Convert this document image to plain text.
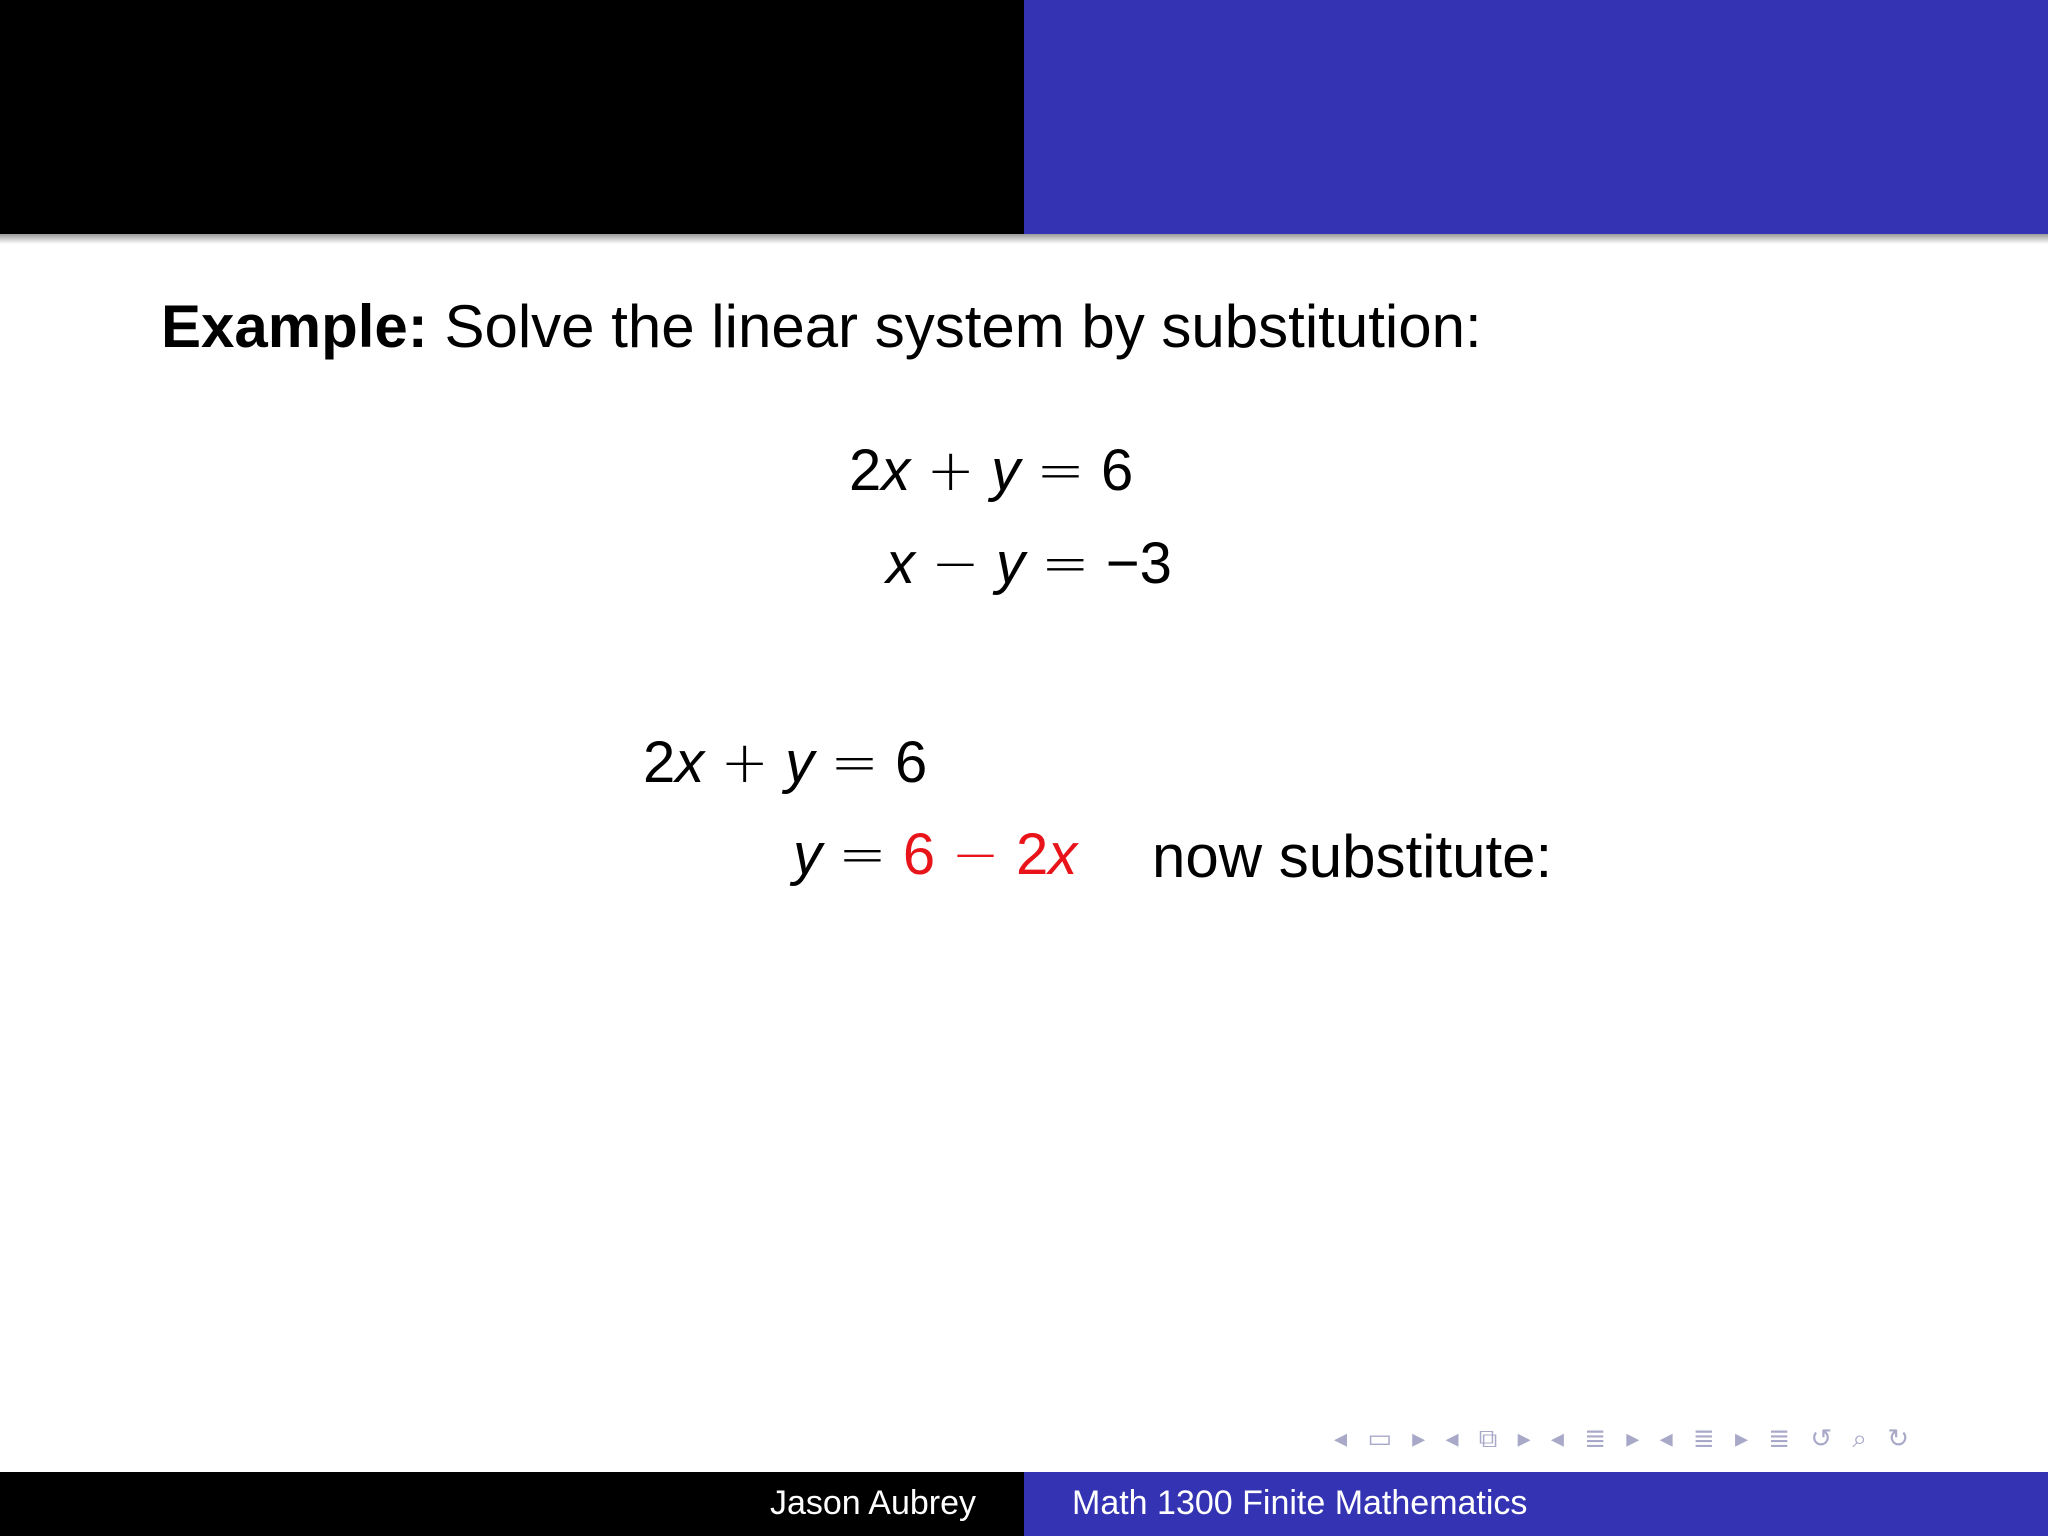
Example: Solve the linear system by substitution:
2x + y = 6
x − y = −3
2x + y = 6
y = 6 − 2x now substitute:
◂ ▭ ▸ ◂ ⧉ ▸ ◂ ≣ ▸ ◂ ≣ ▸ ≣ ↺ ⌕ ↻
Jason Aubrey	Math 1300 Finite Mathematics
